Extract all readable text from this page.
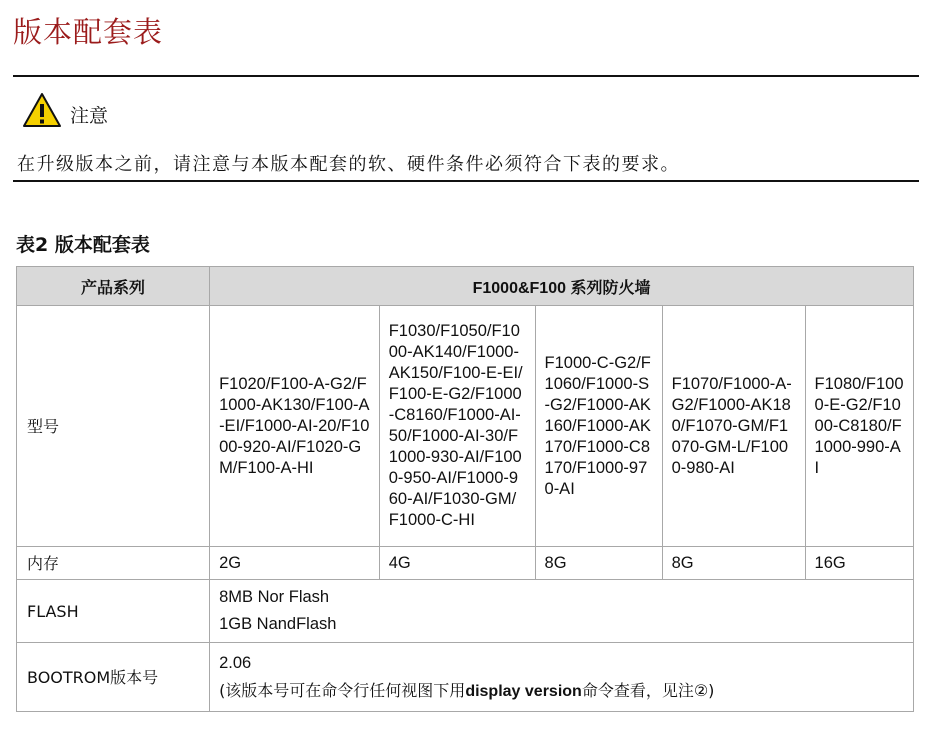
版本配套表
注意
在升级版本之前，请注意与本版本配套的软、硬件条件必须符合下表的要求。
表2 版本配套表
产品系列	F1000&F100 系列防火墙				
型号	F1020/F100-A-G2/F1000-AK130/F100-A-EI/F1000-AI-20/F1000-920-AI/F1020-GM/F100-A-HI	F1030/F1050/F1000-AK140/F1000-AK150/F100-E-EI/F100-E-G2/F1000-C8160/F1000-AI-50/F1000-AI-30/F1000-930-AI/F1000-950-AI/F1000-960-AI/F1030-GM/F1000-C-HI	F1000-C-G2/F1060/F1000-S-G2/F1000-AK160/F1000-AK170/F1000-C8170/F1000-970-AI	F1070/F1000-A-G2/F1000-AK180/F1070-GM/F1070-GM-L/F1000-980-AI	F1080/F1000-E-G2/F1000-C8180/F1000-990-AI
内存	2G	4G	8G	8G	16G
FLASH	8MB Nor Flash
1GB NandFlash				

BOOTROM版本号	2.06
(该版本号可在命令行任何视图下用display version命令查看，见注②)				
